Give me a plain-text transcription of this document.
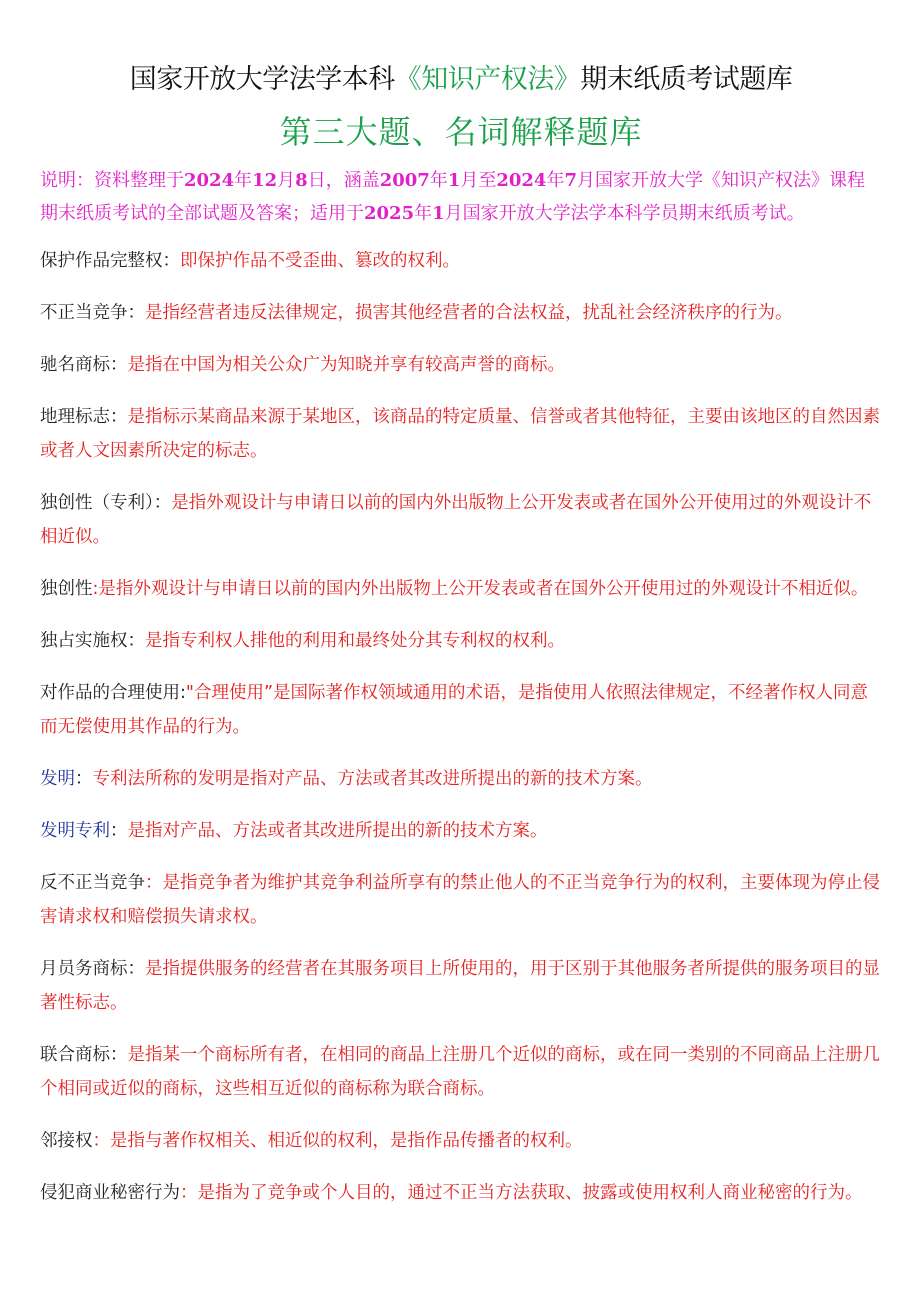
国家开放大学法学本科《知识产权法》期末纸质考试题库
第三大题、名词解释题库

说明：资料整理于2024年12月8日，涵盖2007年1月至2024年7月国家开放大学《知识产权法》课程期末纸质考试的全部试题及答案；适用于2025年1月国家开放大学法学本科学员期末纸质考试。

保护作品完整权：即保护作品不受歪曲、篡改的权利。

不正当竞争：是指经营者违反法律规定，损害其他经营者的合法权益，扰乱社会经济秩序的行为。

驰名商标：是指在中国为相关公众广为知晓并享有较高声誉的商标。

地理标志：是指标示某商品来源于某地区，该商品的特定质量、信誉或者其他特征，主要由该地区的自然因素或者人文因素所决定的标志。

独创性（专利）：是指外观设计与申请日以前的国内外出版物上公开发表或者在国外公开使用过的外观设计不相近似。

独创性:是指外观设计与申请日以前的国内外出版物上公开发表或者在国外公开使用过的外观设计不相近似。

独占实施权：是指专利权人排他的利用和最终处分其专利权的权利。

对作品的合理使用:"合理使用”是国际著作权领域通用的术语，是指使用人依照法律规定，不经著作权人同意而无偿使用其作品的行为。

发明：专利法所称的发明是指对产品、方法或者其改进所提出的新的技术方案。

发明专利：是指对产品、方法或者其改进所提出的新的技术方案。

反不正当竞争：是指竞争者为维护其竞争利益所享有的禁止他人的不正当竞争行为的权利，主要体现为停止侵害请求权和赔偿损失请求权。

月员务商标：是指提供服务的经营者在其服务项目上所使用的，用于区别于其他服务者所提供的服务项目的显著性标志。

联合商标：是指某一个商标所有者，在相同的商品上注册几个近似的商标，或在同一类别的不同商品上注册几个相同或近似的商标，这些相互近似的商标称为联合商标。

邻接权：是指与著作权相关、相近似的权利，是指作品传播者的权利。

侵犯商业秘密行为：是指为了竞争或个人目的，通过不正当方法获取、披露或使用权利人商业秘密的行为。
